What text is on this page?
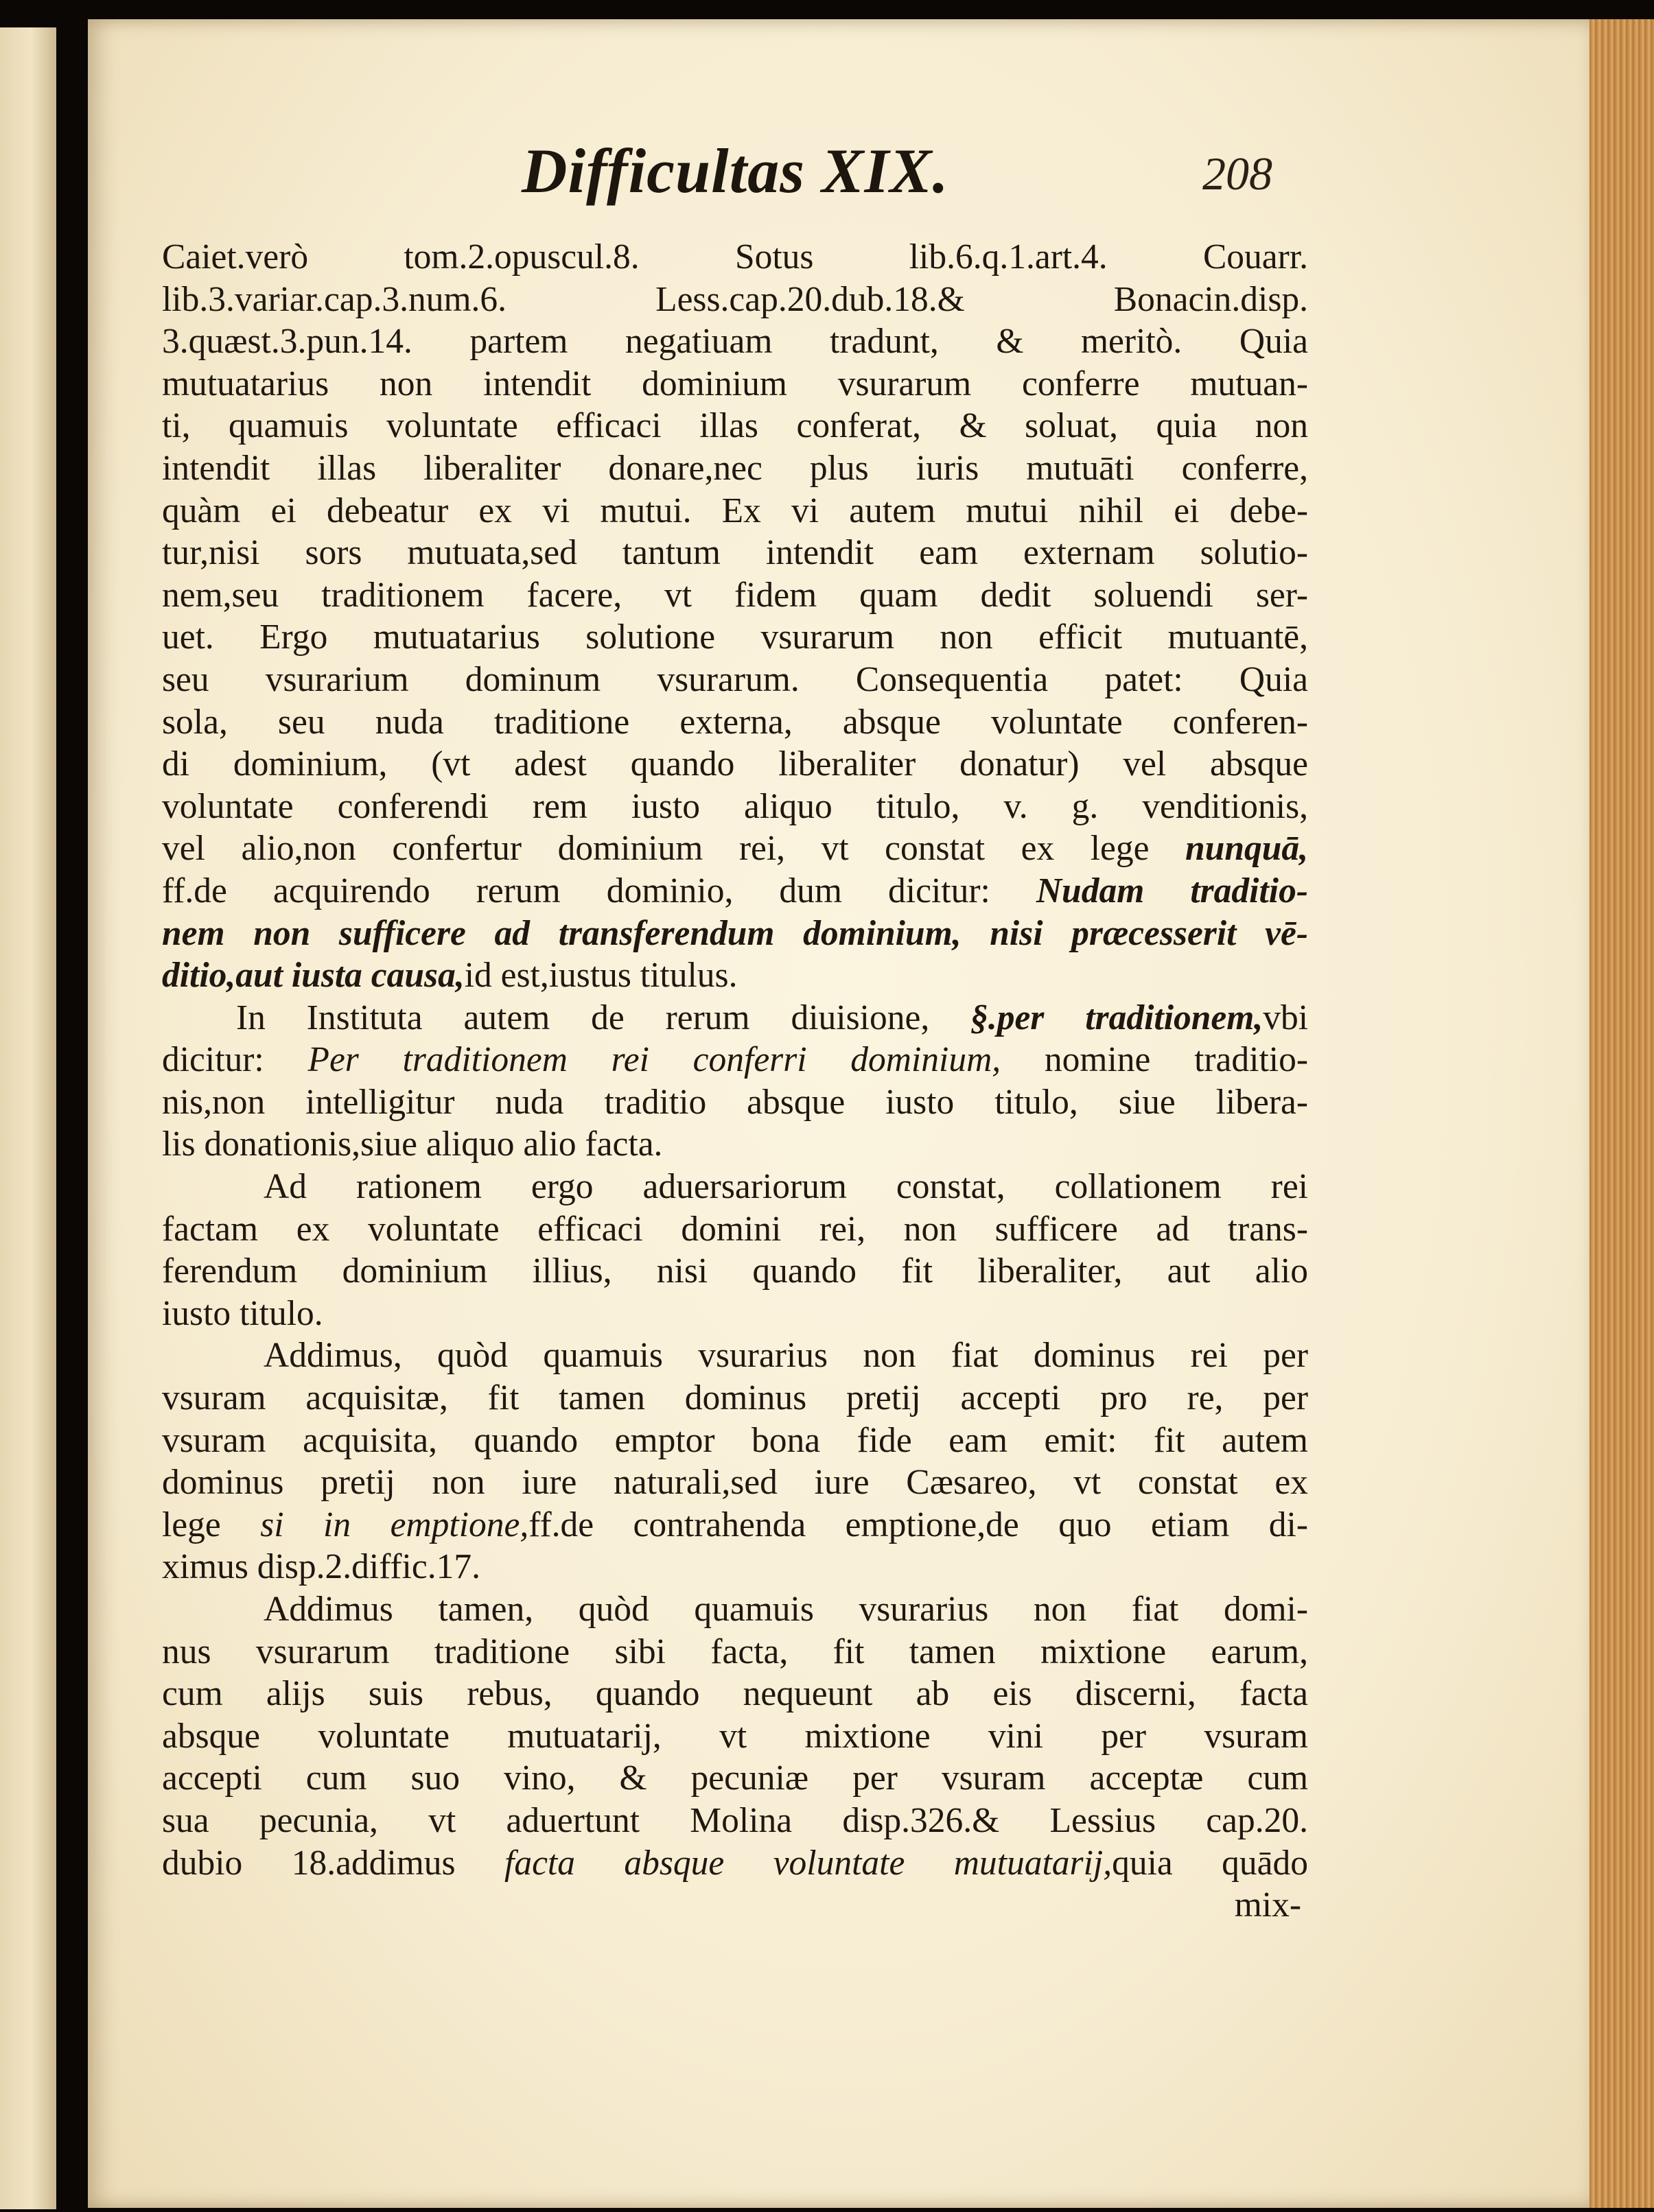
Difficultas XIX.	208
Caiet.verò tom.2.opuscul.8. Sotus lib.6.q.1.art.4. Couarr.
lib.3.variar.cap.3.num.6. Less.cap.20.dub.18.& Bonacin.disp.
3.quæst.3.pun.14. partem negatiuam tradunt, & meritò. Quia
mutuatarius non intendit dominium vsurarum conferre mutuan-
ti, quamuis voluntate efficaci illas conferat, & soluat, quia non
intendit illas liberaliter donare,nec plus iuris mutuāti conferre,
quàm ei debeatur ex vi mutui. Ex vi autem mutui nihil ei debe-
tur,nisi sors mutuata,sed tantum intendit eam externam solutio-
nem,seu traditionem facere, vt fidem quam dedit soluendi ser-
uet. Ergo mutuatarius solutione vsurarum non efficit mutuantē,
seu vsurarium dominum vsurarum. Consequentia patet: Quia
sola, seu nuda traditione externa, absque voluntate conferen-
di dominium, (vt adest quando liberaliter donatur) vel absque
voluntate conferendi rem iusto aliquo titulo, v. g. venditionis,
vel alio,non confertur dominium rei, vt constat ex lege nunquā,
ff.de acquirendo rerum dominio, dum dicitur: Nudam traditio-
nem non sufficere ad transferendum dominium, nisi præcesserit vē-
ditio,aut iusta causa,id est,iustus titulus.
In Instituta autem de rerum diuisione, §.per traditionem,vbi
dicitur: Per traditionem rei conferri dominium, nomine traditio-
nis,non intelligitur nuda traditio absque iusto titulo, siue libera-
lis donationis,siue aliquo alio facta.
Ad rationem ergo aduersariorum constat, collationem rei
factam ex voluntate efficaci domini rei, non sufficere ad trans-
ferendum dominium illius, nisi quando fit liberaliter, aut alio
iusto titulo.
Addimus, quòd quamuis vsurarius non fiat dominus rei per
vsuram acquisitæ, fit tamen dominus pretij accepti pro re, per
vsuram acquisita, quando emptor bona fide eam emit: fit autem
dominus pretij non iure naturali,sed iure Cæsareo, vt constat ex
lege si in emptione,ff.de contrahenda emptione,de quo etiam di-
ximus disp.2.diffic.17.
Addimus tamen, quòd quamuis vsurarius non fiat domi-
nus vsurarum traditione sibi facta, fit tamen mixtione earum,
cum alijs suis rebus, quando nequeunt ab eis discerni, facta
absque voluntate mutuatarij, vt mixtione vini per vsuram
accepti cum suo vino, & pecuniæ per vsuram acceptæ cum
sua pecunia, vt aduertunt Molina disp.326.& Lessius cap.20.
dubio 18.addimus facta absque voluntate mutuatarij,quia quādo
mix-
